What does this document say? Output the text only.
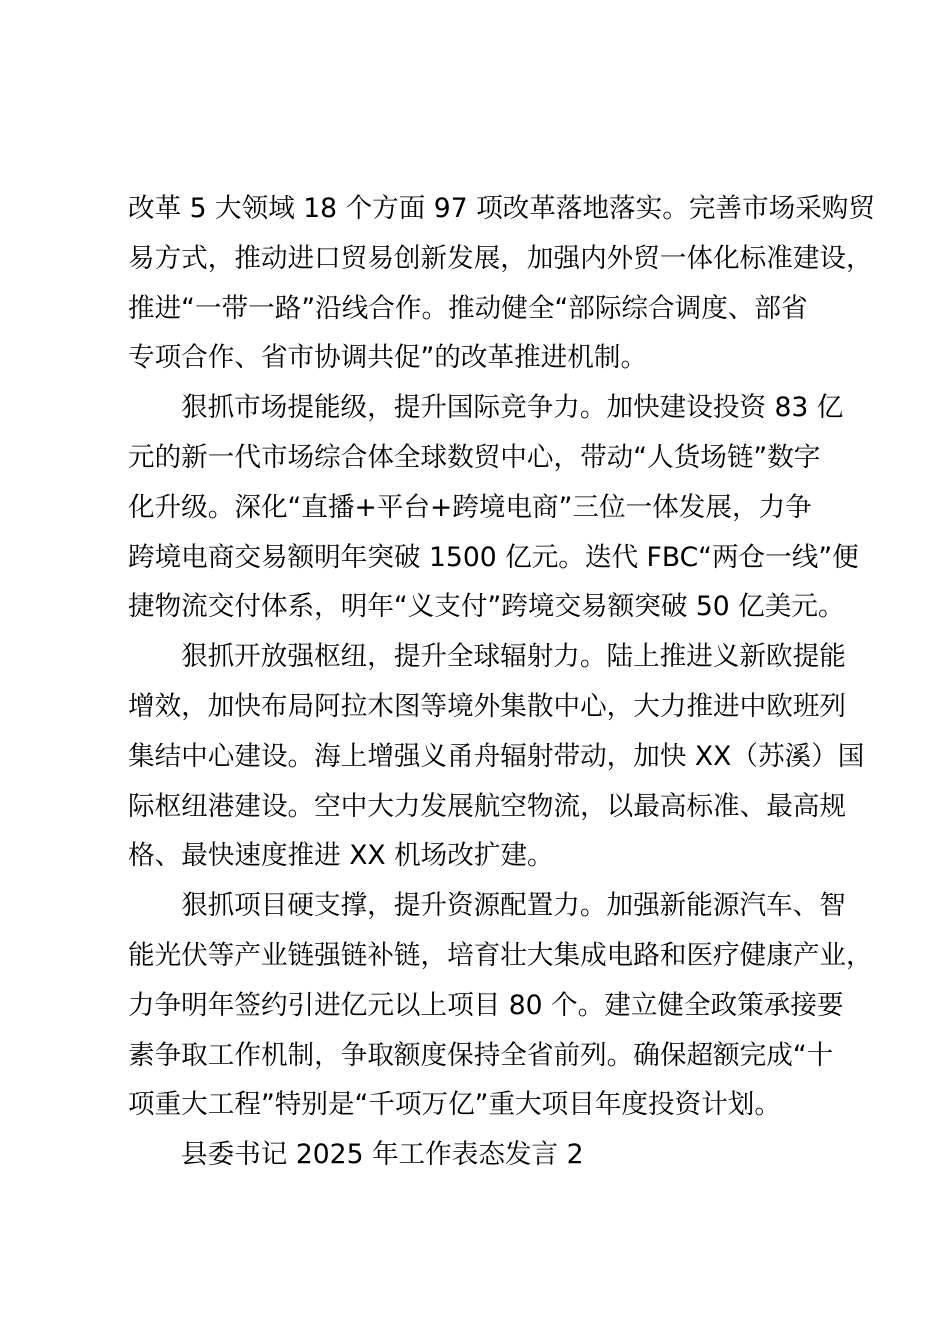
改革 5 大领域 18 个方面 97 项改革落地落实。完善市场采购贸
易方式，推动进口贸易创新发展，加强内外贸一体化标准建设，
推进“一带一路”沿线合作。推动健全“部际综合调度、部省
专项合作、省市协调共促”的改革推进机制。

狠抓市场提能级，提升国际竞争力。加快建设投资 83 亿
元的新一代市场综合体全球数贸中心，带动“人货场链”数字
化升级。深化“直播+平台+跨境电商”三位一体发展，力争
跨境电商交易额明年突破 1500 亿元。迭代 FBC“两仓一线”便
捷物流交付体系，明年“义支付”跨境交易额突破 50 亿美元。

狠抓开放强枢纽，提升全球辐射力。陆上推进义新欧提能
增效，加快布局阿拉木图等境外集散中心，大力推进中欧班列
集结中心建设。海上增强义甬舟辐射带动，加快 XX（苏溪）国
际枢纽港建设。空中大力发展航空物流，以最高标准、最高规
格、最快速度推进 XX 机场改扩建。

狠抓项目硬支撑，提升资源配置力。加强新能源汽车、智
能光伏等产业链强链补链，培育壮大集成电路和医疗健康产业，
力争明年签约引进亿元以上项目 80 个。建立健全政策承接要
素争取工作机制，争取额度保持全省前列。确保超额完成“十
项重大工程”特别是“千项万亿”重大项目年度投资计划。

县委书记 2025 年工作表态发言 2
